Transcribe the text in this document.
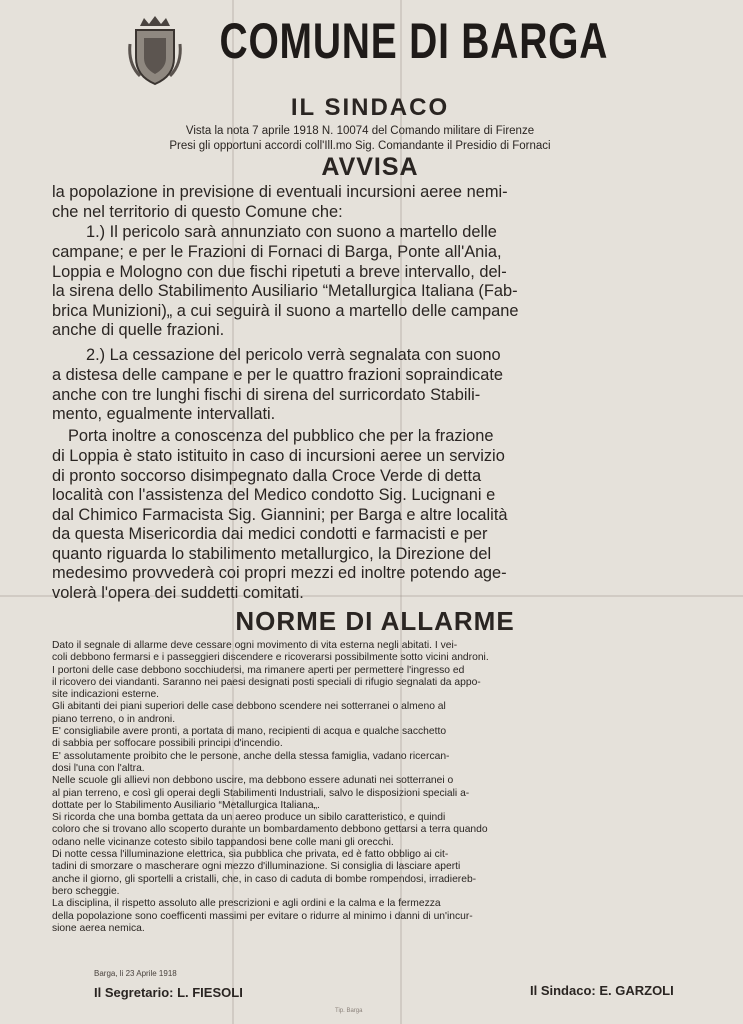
COMUNE DI BARGA
IL SINDACO
Vista la nota 7 aprile 1918 N. 10074 del Comando militare di Firenze
Presi gli opportuni accordi coll'Ill.mo Sig. Comandante il Presidio di Fornaci
AVVISA
la popolazione in previsione di eventuali incursioni aeree nemi-
che nel territorio di questo Comune che:
1.) Il pericolo sarà annunziato con suono a martello delle
campane; e per le Frazioni di Fornaci di Barga, Ponte all'Ania,
Loppia e Mologno con due fischi ripetuti a breve intervallo, del-
la sirena dello Stabilimento Ausiliario “Metallurgica Italiana (Fab-
brica Munizioni)„ a cui seguirà il suono a martello delle campane
anche di quelle frazioni.
2.) La cessazione del pericolo verrà segnalata con suono
a distesa delle campane e per le quattro frazioni sopraindicate
anche con tre lunghi fischi di sirena del surricordato Stabili-
mento, egualmente intervallati.
Porta inoltre a conoscenza del pubblico che per la frazione
di Loppia è stato istituito in caso di incursioni aeree un servizio
di pronto soccorso disimpegnato dalla Croce Verde di detta
località con l'assistenza del Medico condotto Sig. Lucignani e
dal Chimico Farmacista Sig. Giannini; per Barga e altre località
da questa Misericordia dai medici condotti e farmacisti e per
quanto riguarda lo stabilimento metallurgico, la Direzione del
medesimo provvederà coi propri mezzi ed inoltre potendo age-
volerà l'opera dei suddetti comitati.
NORME DI ALLARME
Dato il segnale di allarme deve cessare ogni movimento di vita esterna negli abitati. I vei-
coli debbono fermarsi e i passeggieri discendere e ricoverarsi possibilmente sotto vicini androni.
I portoni delle case debbono socchiudersi, ma rimanere aperti per permettere l'ingresso ed
il ricovero dei viandanti. Saranno nei paesi designati posti speciali di rifugio segnalati da appo-
site indicazioni esterne.
Gli abitanti dei piani superiori delle case debbono scendere nei sotterranei o almeno al
piano terreno, o in androni.
E' consigliabile avere pronti, a portata di mano, recipienti di acqua e qualche sacchetto
di sabbia per soffocare possibili principi d'incendio.
E' assolutamente proibito che le persone, anche della stessa famiglia, vadano ricercan-
dosi l'una con l'altra.
Nelle scuole gli allievi non debbono uscire, ma debbono essere adunati nei sotterranei o
al pian terreno, e così gli operai degli Stabilimenti Industriali, salvo le disposizioni speciali a-
dottate per lo Stabilimento Ausiliario “Metallurgica Italiana„.
Si ricorda che una bomba gettata da un aereo produce un sibilo caratteristico, e quindi
coloro che si trovano allo scoperto durante un bombardamento debbono gettarsi a terra quando
odano nelle vicinanze cotesto sibilo tappandosi bene colle mani gli orecchi.
Di notte cessa l'illuminazione elettrica, sia pubblica che privata, ed è fatto obbligo ai cit-
tadini di smorzare o mascherare ogni mezzo d'illuminazione. Si consiglia di lasciare aperti
anche il giorno, gli sportelli a cristalli, che, in caso di caduta di bombe rompendosi, irradiereb-
bero scheggie.
La disciplina, il rispetto assoluto alle prescrizioni e agli ordini e la calma e la fermezza
della popolazione sono coefficenti massimi per evitare o ridurre al minimo i danni di un'incur-
sione aerea nemica.
Barga, li 23 Aprile 1918
Il Segretario: L. FIESOLI	Il Sindaco: E. GARZOLI
Tip. Barga
